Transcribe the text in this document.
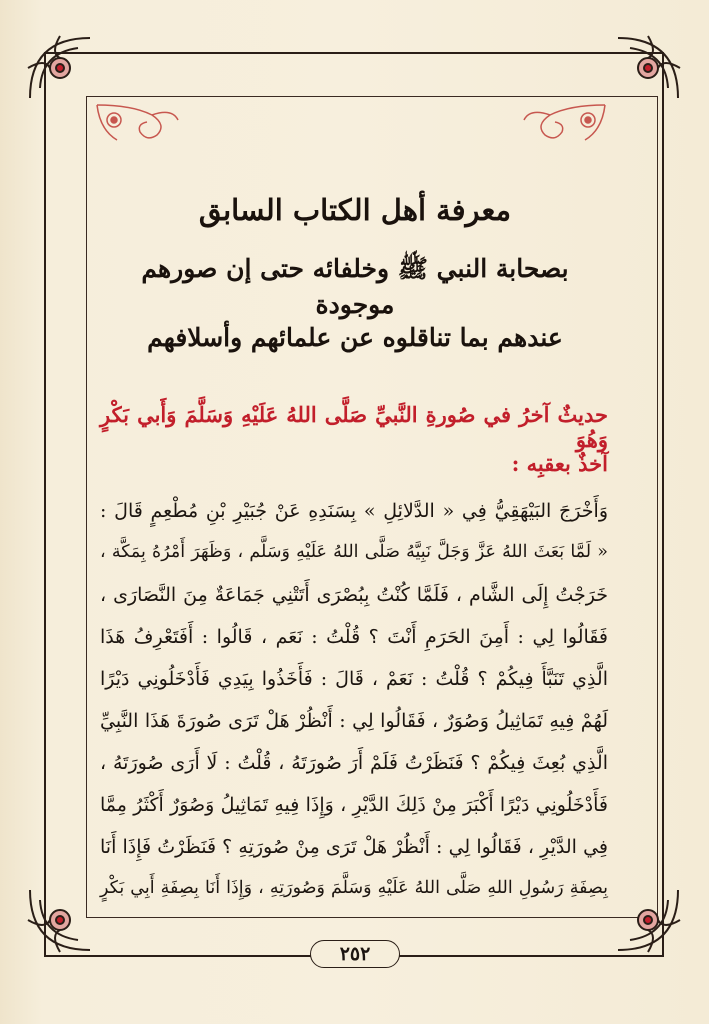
معرفة أهل الكتاب السابق
بصحابة النبي ﷺ وخلفائه حتى إن صورهم موجودة
عندهم بما تناقلوه عن علمائهم وأسلافهم
حديثٌ آخرُ في صُورةِ النَّبيِّ صَلَّى اللهُ عَلَيْهِ وَسَلَّمَ وَأَبي بَكْرٍ وَهُوَ
آخذٌ بعقبِه :
وَأَخْرَجَ البَيْهَقِيُّ فِي « الدَّلائِلِ » بِسَنَدِهِ عَنْ جُبَيْرِ بْنِ مُطْعِمٍ قَالَ :
« لَمَّا بَعَثَ اللهُ عَزَّ وَجَلَّ نَبِيَّهُ صَلَّى اللهُ عَلَيْهِ وَسَلَّم ، وَظَهَرَ أَمْرُهُ بِمَكَّة ،
خَرَجْتُ إِلَى الشَّام ، فَلَمَّا كُنْتُ بِبُصْرَى أَتَتْنِي جَمَاعَةٌ مِنَ النَّصَارَى ،
فَقَالُوا لِي : أَمِنَ الحَرَمِ أَنْتَ ؟ قُلْتُ : نَعَم ، قَالُوا : أَفَتَعْرِفُ هَذَا
الَّذِي تَنَبَّأَ فِيكُمْ ؟ قُلْتُ : نَعَمْ ، قَالَ : فَأَخَذُوا بِيَدِي فَأَدْخَلُونِي دَيْرًا
لَهُمْ فِيهِ تَمَاثِيلُ وَصُوَرٌ ، فَقَالُوا لِي : أَنْظُرْ هَلْ تَرَى صُورَةَ هَذَا النَّبِيِّ
الَّذِي بُعِثَ فِيكُمْ ؟ فَنَظَرْتُ فَلَمْ أَرَ صُورَتَهُ ، قُلْتُ : لَا أَرَى صُورَتَهُ ،
فَأَدْخَلُونِي دَيْرًا أَكْبَرَ مِنْ ذَلِكَ الدَّيْرِ ، وَإِذَا فِيهِ تَمَاثِيلُ وَصُوَرٌ أَكْثَرُ مِمَّا
فِي الدَّيْرِ ، فَقَالُوا لِي : أَنْظُرْ هَلْ تَرَى مِنْ صُورَتِهِ ؟ فَنَظَرْتُ فَإِذَا أَنَا
بِصِفَةِ رَسُولِ اللهِ صَلَّى اللهُ عَلَيْهِ وَسَلَّمَ وَصُورَتِهِ ، وَإِذَا أَنَا بِصِفَةِ أَبِي بَكْرٍ
٢٥٢
